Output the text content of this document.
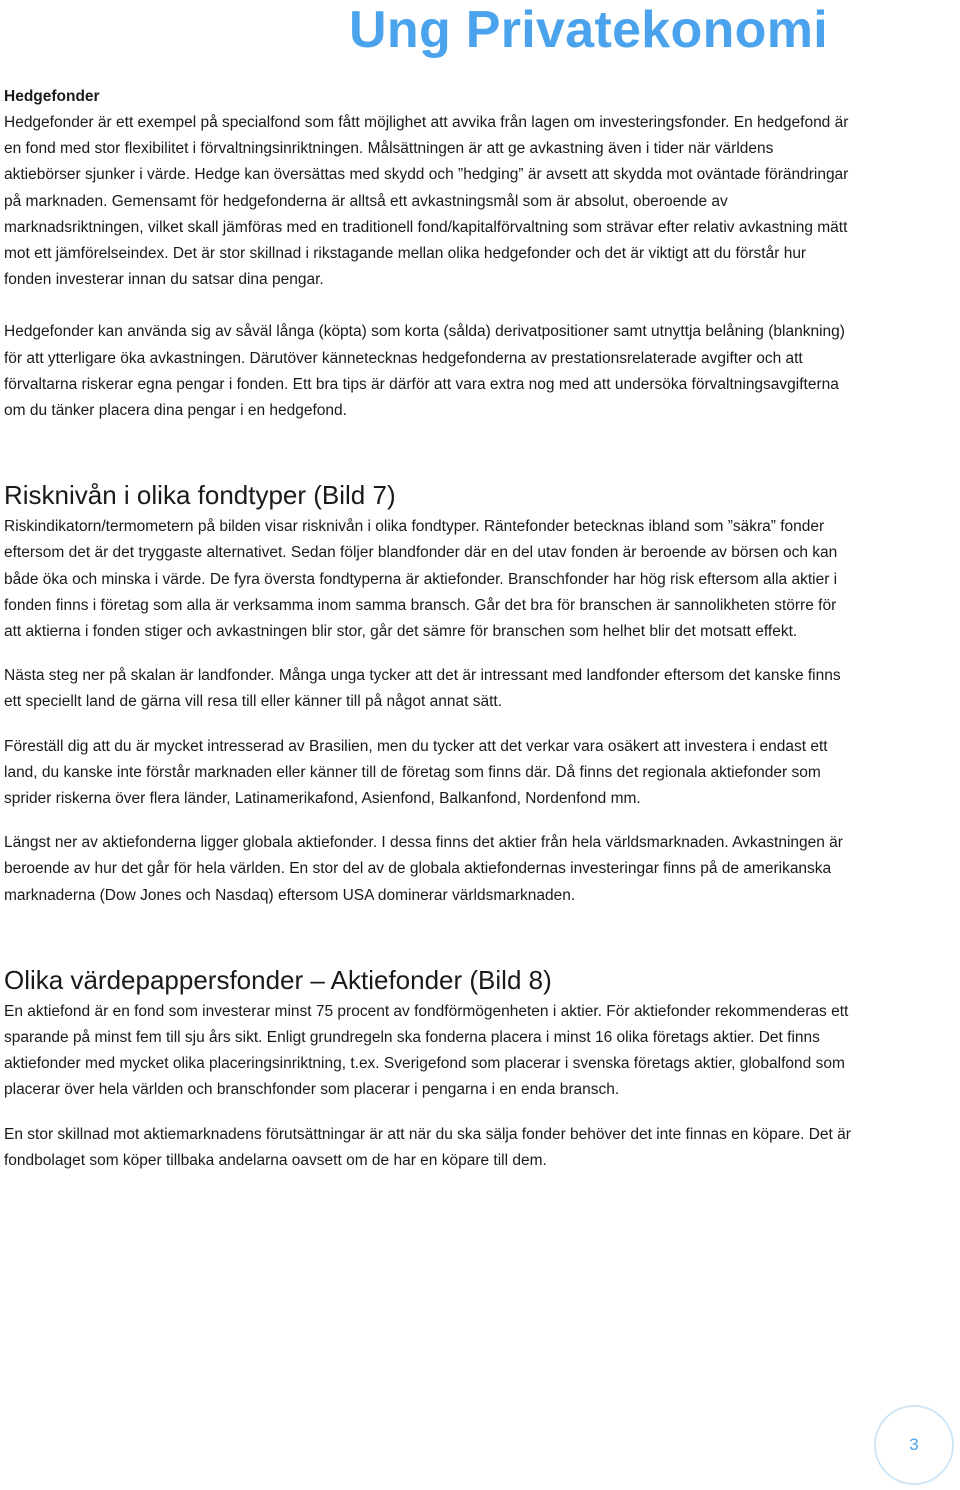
Ung Privatekonomi
Hedgefonder

Hedgefonder är ett exempel på specialfond som fått möjlighet att avvika från lagen om investeringsfonder. En hedgefond är en fond med stor flexibilitet i förvaltningsinriktningen. Målsättningen är att ge avkastning även i tider när världens aktiebörser sjunker i värde. Hedge kan översättas med skydd och ”hedging” är avsett att skydda mot oväntade förändringar på marknaden. Gemensamt för hedgefonderna är alltså ett avkastningsmål som är absolut, oberoende av marknadsriktningen, vilket skall jämföras med en traditionell fond/kapitalförvaltning som strävar efter relativ avkastning mätt mot ett jämförelseindex. Det är stor skillnad i rikstagande mellan olika hedgefonder och det är viktigt att du förstår hur fonden investerar innan du satsar dina pengar.

Hedgefonder kan använda sig av såväl långa (köpta) som korta (sålda) derivatpositioner samt utnyttja belåning (blankning) för att ytterligare öka avkastningen. Därutöver kännetecknas hedgefonderna av prestationsrelaterade avgifter och att förvaltarna riskerar egna pengar i fonden. Ett bra tips är därför att vara extra nog med att undersöka förvaltningsavgifterna om du tänker placera dina pengar i en hedgefond.

Risknivån i olika fondtyper (Bild 7)

Riskindikatorn/termometern på bilden visar risknivån i olika fondtyper. Räntefonder betecknas ibland som ”säkra” fonder eftersom det är det tryggaste alternativet. Sedan följer blandfonder där en del utav fonden är beroende av börsen och kan både öka och minska i värde. De fyra översta fondtyperna är aktiefonder. Branschfonder har hög risk eftersom alla aktier i fonden finns i företag som alla är verksamma inom samma bransch. Går det bra för branschen är sannolikheten större för att aktierna i fonden stiger och avkastningen blir stor, går det sämre för branschen som helhet blir det motsatt effekt.

Nästa steg ner på skalan är landfonder. Många unga tycker att det är intressant med landfonder eftersom det kanske finns ett speciellt land de gärna vill resa till eller känner till på något annat sätt.

Föreställ dig att du är mycket intresserad av Brasilien, men du tycker att det verkar vara osäkert att investera i endast ett land, du kanske inte förstår marknaden eller känner till de företag som finns där. Då finns det regionala aktiefonder som sprider riskerna över flera länder, Latinamerikafond, Asienfond, Balkanfond, Nordenfond mm.

Längst ner av aktiefonderna ligger globala aktiefonder. I dessa finns det aktier från hela världsmarknaden. Avkastningen är beroende av hur det går för hela världen. En stor del av de globala aktiefondernas investeringar finns på de amerikanska marknaderna (Dow Jones och Nasdaq) eftersom USA dominerar världsmarknaden.

Olika värdepappersfonder – Aktiefonder (Bild 8)

En aktiefond är en fond som investerar minst 75 procent av fondförmögenheten i aktier. För aktiefonder rekommenderas ett sparande på minst fem till sju års sikt. Enligt grundregeln ska fonderna placera i minst 16 olika företags aktier. Det finns aktiefonder med mycket olika placeringsinriktning, t.ex. Sverigefond som placerar i svenska företags aktier, globalfond som placerar över hela världen och branschfonder som placerar i pengarna i en enda bransch.

En stor skillnad mot aktiemarknadens förutsättningar är att när du ska sälja fonder behöver det inte finnas en köpare. Det är fondbolaget som köper tillbaka andelarna oavsett om de har en köpare till dem.

3
